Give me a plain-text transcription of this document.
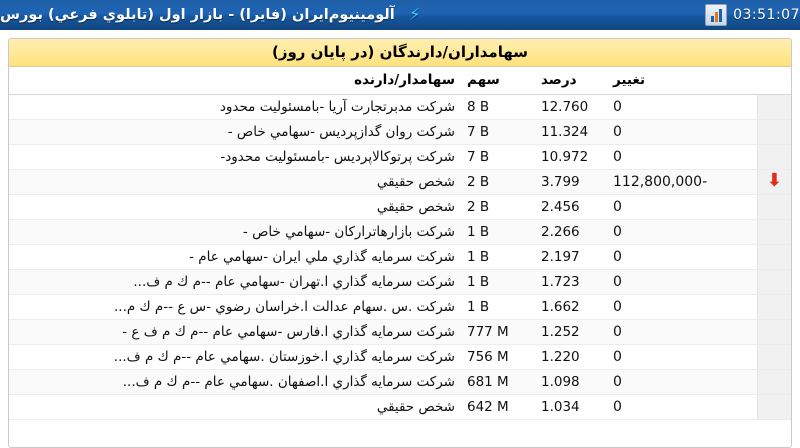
03:51:07
⚡
آلومينيوم‌ايران (فايرا) - بازار اول (تابلوي فرعي) بورس
سهامداران/دارندگان (در پایان روز)
	تغییر	درصد	سهم	سهامدار/دارنده
	0	12.760	8 B	شرکت مدبرتجارت آریا -بامسئولیت محدود
	0	11.324	7 B	شرکت روان گدازپردیس -سهامي خاص -
	0	10.972	7 B	شرکت پرتوکالاپردیس -بامسئولیت محدود-
⬇	112,800,000-	3.799	2 B	شخص حقيقي
	0	2.456	2 B	شخص حقيقي
	0	2.266	1 B	شرکت بازارهاتراركان -سهامي خاص -
	0	2.197	1 B	شرکت سرمايه گذاري ملي ايران -سهامي عام -
	0	1.723	1 B	شرکت سرمايه گذاري ا.تهران -سهامي عام --م ك م ف...
	0	1.662	1 B	شرکت .س .سهام عدالت ا.خراسان رضوي -س ع --م ك م...
	0	1.252	777 M	شرکت سرمايه گذاري ا.فارس -سهامي عام --م ك م ف ع -
	0	1.220	756 M	شرکت سرمايه گذاري ا.خوزستان .سهامي عام --م ك م ف...
	0	1.098	681 M	شرکت سرمايه گذاري ا.اصفهان .سهامي عام --م ك م ف...
	0	1.034	642 M	شخص حقيقي
